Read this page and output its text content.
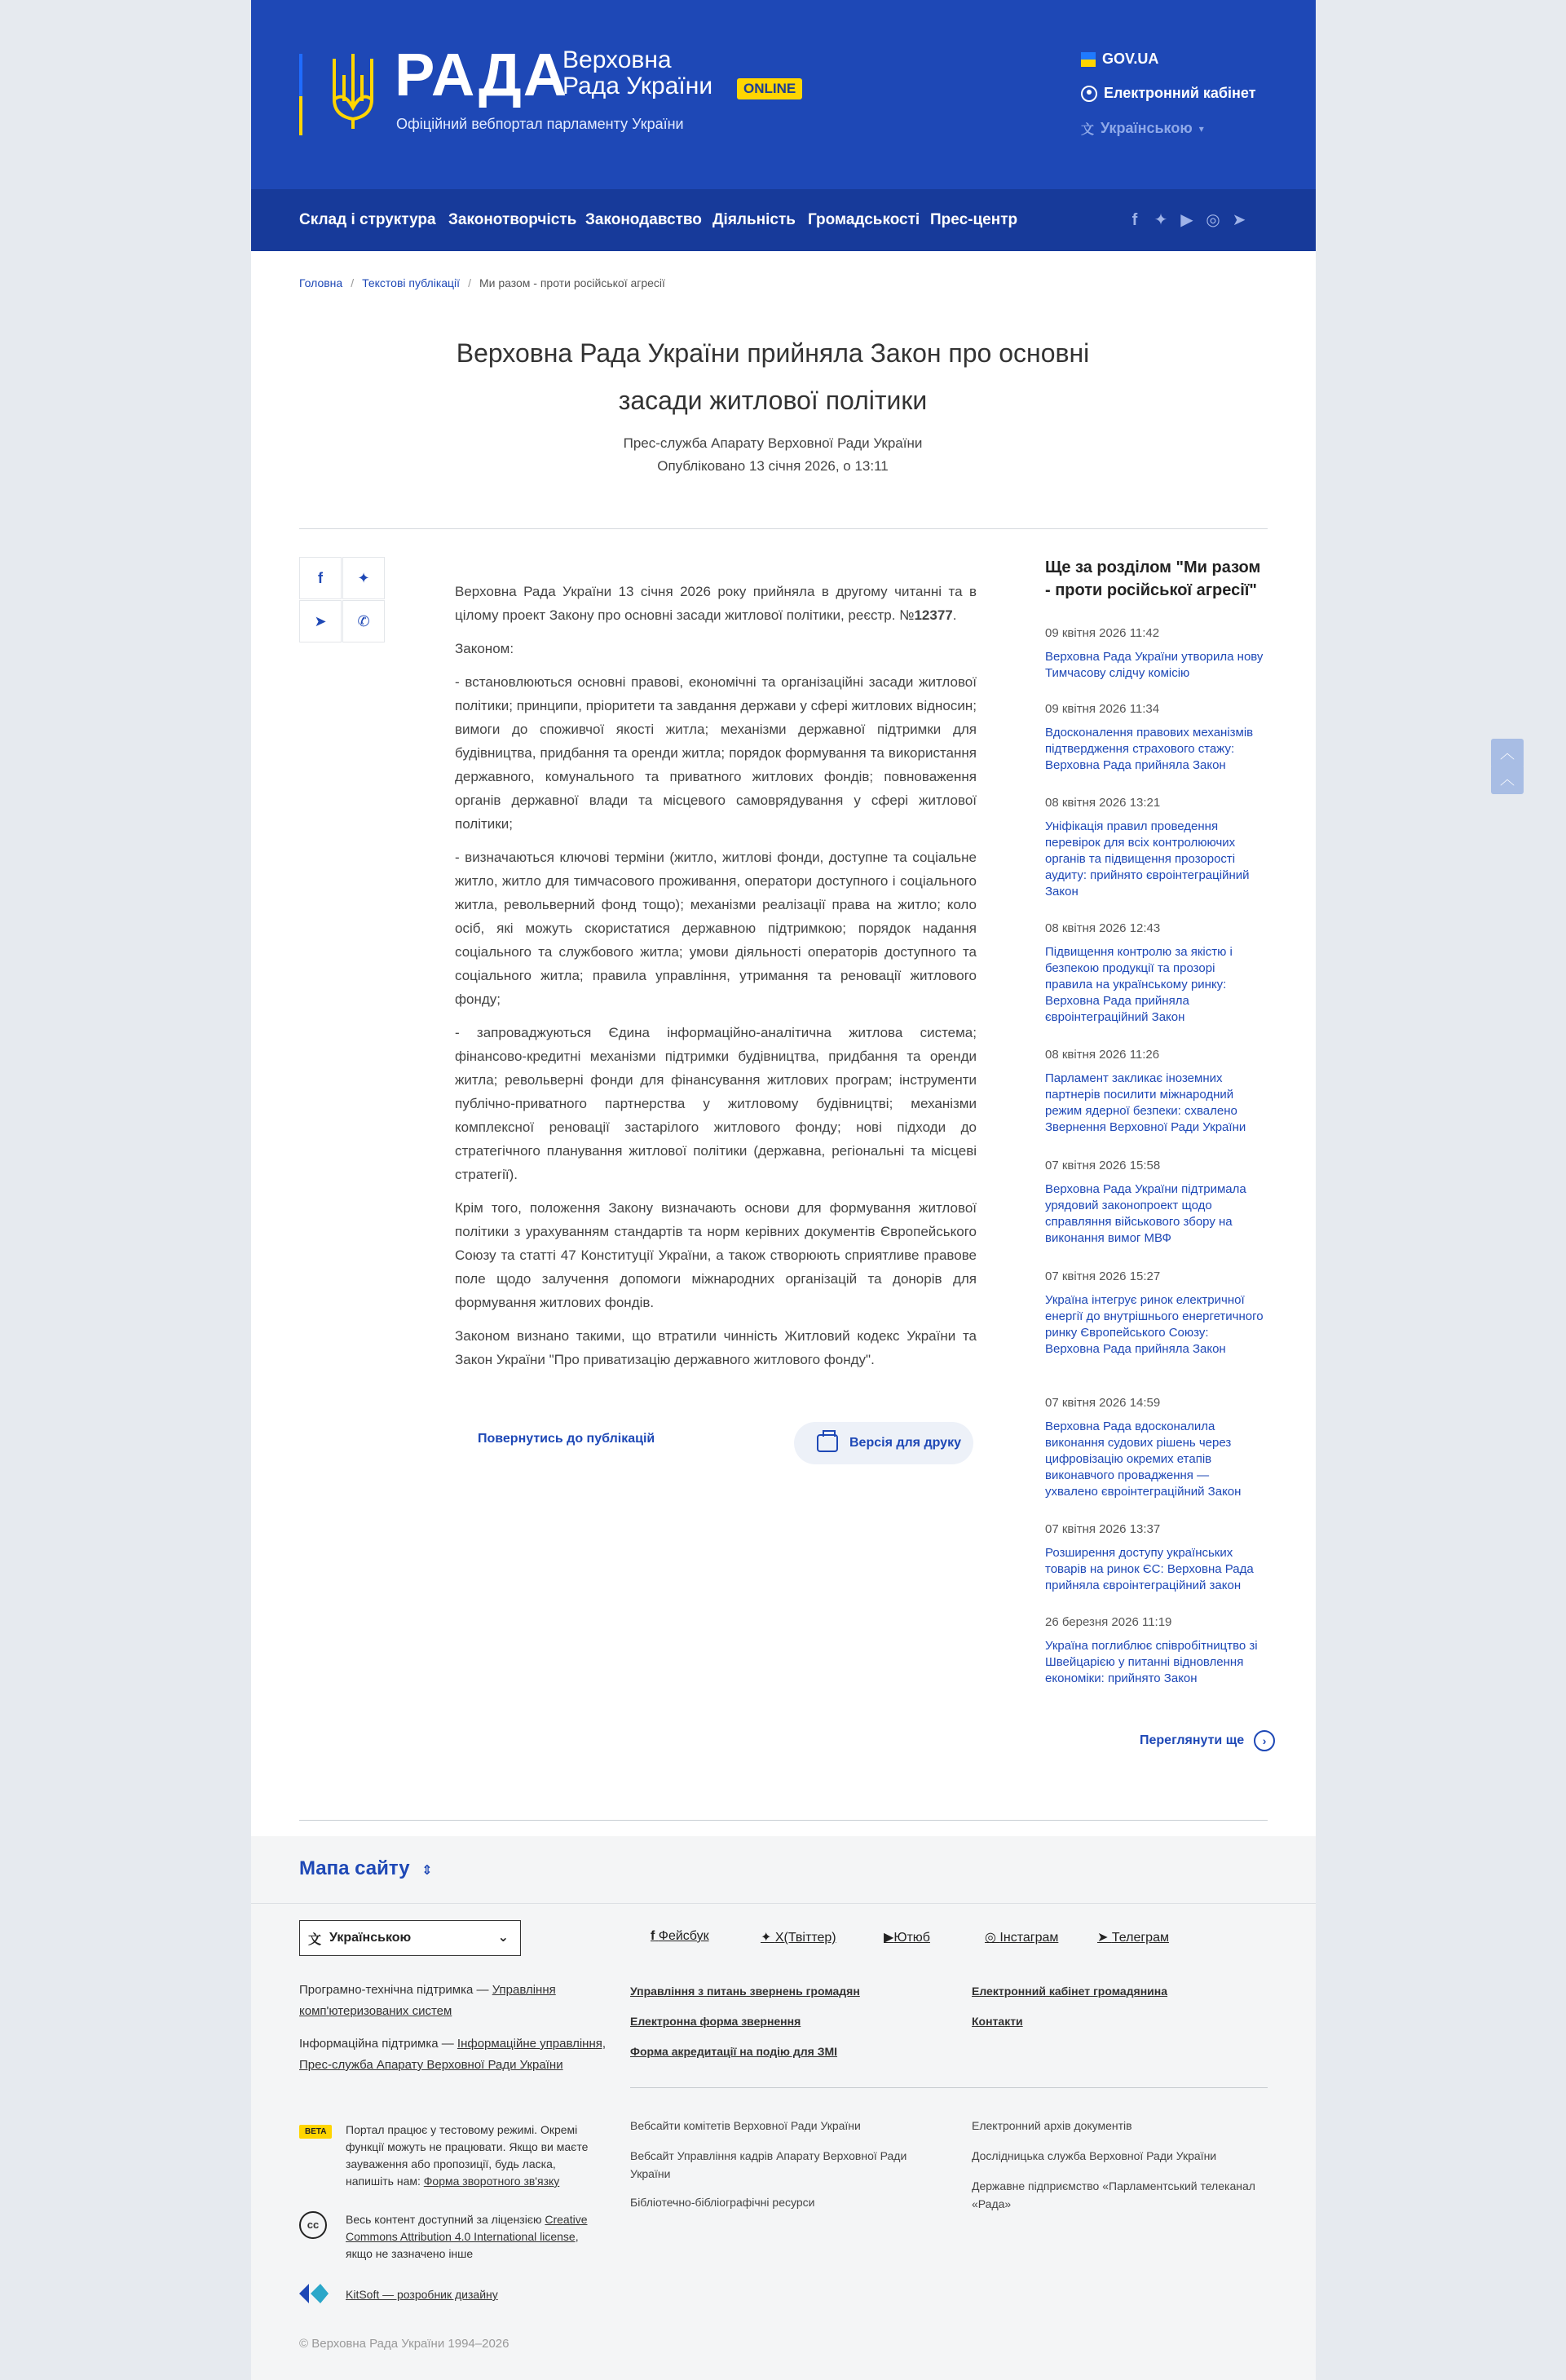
РАДА
Верховна
Рада України	ONLINE
Офіційний вебпортал парламенту України
GOV.UA
Електронний кабінет
文 Українською ▾
Склад і структура Законотворчість Законодавство Діяльність Громадськості Прес-центр	f	✦ ▶ ◎ ➤
Головна / Текстові публікації / Ми разом - проти російської агресії
Верховна Рада України прийняла Закон про основні
засади житлової політики
Прес-служба Апарату Верховної Ради України
Опубліковано 13 січня 2026, о 13:11
f	✦
➤	✆

Верховна Рада України 13 січня 2026 року прийняла в другому читанні та в цілому проект Закону про основні засади житлової політики, реєстр. №12377.

Законом:

- встановлюються основні правові, економічні та організаційні засади житлової політики; принципи, пріоритети та завдання держави у сфері житлових відносин; вимоги до споживчої якості житла; механізми державної підтримки для будівництва, придбання та оренди житла; порядок формування та використання державного, комунального та приватного житлових фондів; повноваження органів державної влади та місцевого самоврядування у сфері житлової політики;

- визначаються ключові терміни (житло, житлові фонди, доступне та соціальне житло, житло для тимчасового проживання, оператори доступного і соціального житла, револьверний фонд тощо); механізми реалізації права на житло; коло осіб, які можуть скористатися державною підтримкою; порядок надання соціального та службового житла; умови діяльності операторів доступного та соціального житла; правила управління, утримання та реновації житлового фонду;

- запроваджуються Єдина інформаційно-аналітична житлова система; фінансово-кредитні механізми підтримки будівництва, придбання та оренди житла; револьверні фонди для фінансування житлових програм; інструменти публічно-приватного партнерства у житловому будівництві; механізми комплексної реновації застарілого житлового фонду; нові підходи до стратегічного планування житлової політики (державна, регіональні та місцеві стратегії).

Крім того, положення Закону визначають основи для формування житлової політики з урахуванням стандартів та норм керівних документів Європейського Союзу та статті 47 Конституції України, а також створюють сприятливе правове поле щодо залучення допомоги міжнародних організацій та донорів для формування житлових фондів.

Законом визнано такими, що втратили чинність Житловий кодекс України та Закон України "Про приватизацію державного житлового фонду".

Повернутись до публікацій	Версія для друку
Ще за розділом "Ми разом - проти російської агресії"
09 квітня 2026 11:42
Верховна Рада України утворила нову Тимчасову слідчу комісію
09 квітня 2026 11:34
Вдосконалення правових механізмів підтвердження страхового стажу: Верховна Рада прийняла Закон
08 квітня 2026 13:21
Уніфікація правил проведення перевірок для всіх контролюючих органів та підвищення прозорості аудиту: прийнято євроінтеграційний Закон
08 квітня 2026 12:43
Підвищення контролю за якістю і безпекою продукції та прозорі правила на українському ринку: Верховна Рада прийняла євроінтеграційний Закон
08 квітня 2026 11:26
Парламент закликає іноземних партнерів посилити міжнародний режим ядерної безпеки: схвалено Звернення Верховної Ради України
07 квітня 2026 15:58
Верховна Рада України підтримала урядовий законопроект щодо справляння військового збору на виконання вимог МВФ
07 квітня 2026 15:27
Україна інтегрує ринок електричної енергії до внутрішнього енергетичного ринку Європейського Союзу: Верховна Рада прийняла Закон
07 квітня 2026 14:59
Верховна Рада вдосконалила виконання судових рішень через цифровізацію окремих етапів виконавчого провадження — ухвалено євроінтеграційний Закон
07 квітня 2026 13:37
Розширення доступу українських товарів на ринок ЄС: Верховна Рада прийняла євроінтеграційний закон
26 березня 2026 11:19
Україна поглиблює співробітництво зі Швейцарією у питанні відновлення економіки: прийнято Закон
Переглянути ще	›
Мапа сайту ⇕
文 Українською	⌄	f Фейсбук	✦ X(Твіттер)	▶Ютюб	◎ Інстаграм	➤ Телеграм
Програмно-технічна підтримка — Управління комп'ютеризованих систем
Інформаційна підтримка — Інформаційне управління, Прес-служба Апарату Верховної Ради України
Управління з питань звернень громадян
Електронна форма звернення
Форма акредитації на подію для ЗМІ
Електронний кабінет громадянина
Контакти
Вебсайти комітетів Верховної Ради України
Вебсайт Управління кадрів Апарату Верховної Ради України
Бібліотечно-бібліографічні ресурси
Електронний архів документів
Дослідницька служба Верховної Ради України
Державне підприємство «Парламентський телеканал «Рада»
BETA	Портал працює у тестовому режимі. Окремі функції можуть не працювати. Якщо ви маєте зауваження або пропозиції, будь ласка, напишіть нам: Форма зворотного зв'язку
cc	Весь контент доступний за ліцензією Creative Commons Attribution 4.0 International license, якщо не зазначено інше
KitSoft — розробник дизайну
© Верховна Рада України 1994–2026
︿
︿
